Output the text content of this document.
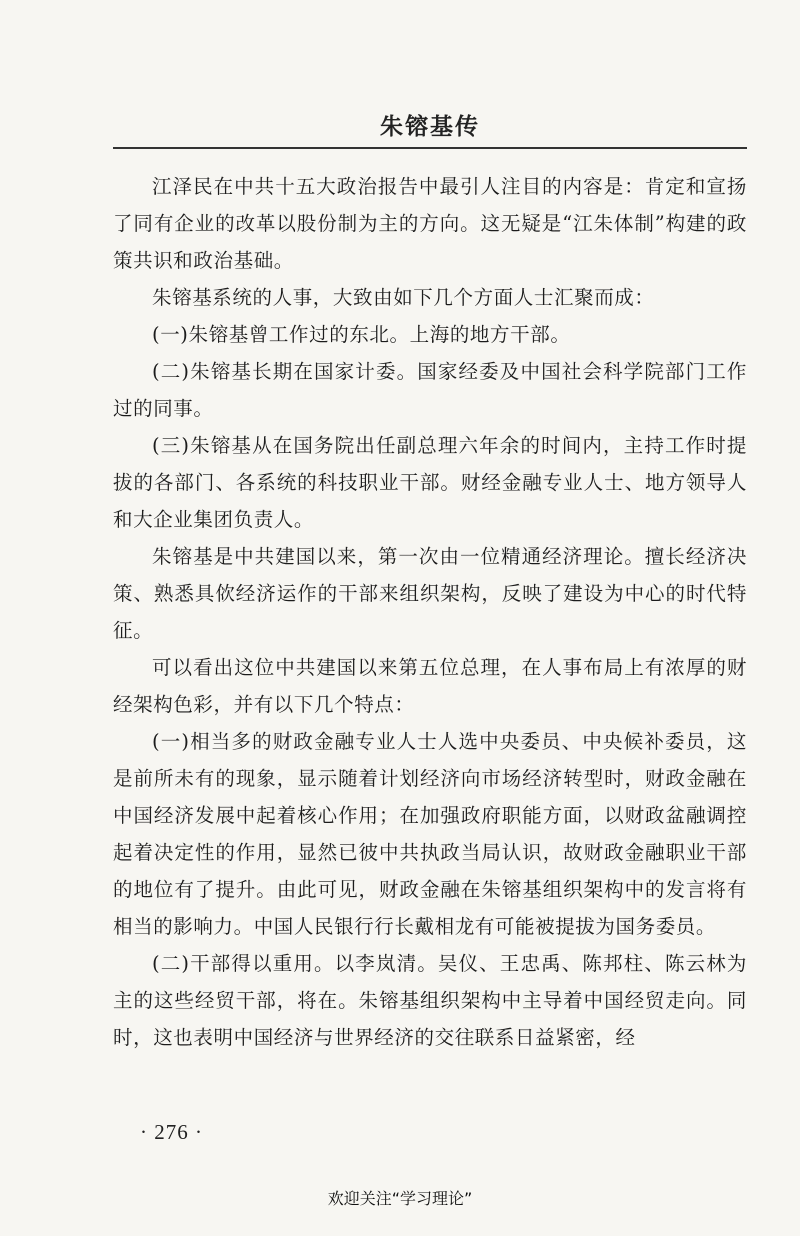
朱镕基传

江泽民在中共十五大政治报告中最引人注目的内容是：肯定和宣扬了同有企业的改革以股份制为主的方向。这无疑是“江朱体制”构建的政策共识和政治基础。

朱镕基系统的人事，大致由如下几个方面人士汇聚而成：

(一)朱镕基曾工作过的东北。上海的地方干部。

(二)朱镕基长期在国家计委。国家经委及中国社会科学院部门工作过的同事。

(三)朱镕基从在国务院出任副总理六年余的时间内，主持工作时提拔的各部门、各系统的科技职业干部。财经金融专业人士、地方领导人和大企业集团负责人。

朱镕基是中共建国以来，第一次由一位精通经济理论。擅长经济决策、熟悉具佽经济运作的干部来组织架构，反映了建设为中心的时代特征。

可以看出这位中共建国以来第五位总理，在人事布局上有浓厚的财经架构色彩，并有以下几个特点：

(一)相当多的财政金融专业人士人选中央委员、中央候补委员，这是前所未有的现象，显示随着计划经济向市场经济转型时，财政金融在中国经济发展中起着核心作用；在加强政府职能方面，以财政盆融调控起着决定性的作用，显然已彼中共执政当局认识，故财政金融职业干部的地位有了提升。由此可见，财政金融在朱镕基组织架构中的发言将有相当的影响力。中国人民银行行长戴相龙有可能被提拔为国务委员。

(二)干部得以重用。以李岚清。吴仪、王忠禹、陈邦柱、陈云林为主的这些经贸干部，将在。朱镕基组织架构中主导着中国经贸走向。同时，这也表明中国经济与世界经济的交往联系日益紧密，经

· 276 ·
欢迎关注“学习理论”
